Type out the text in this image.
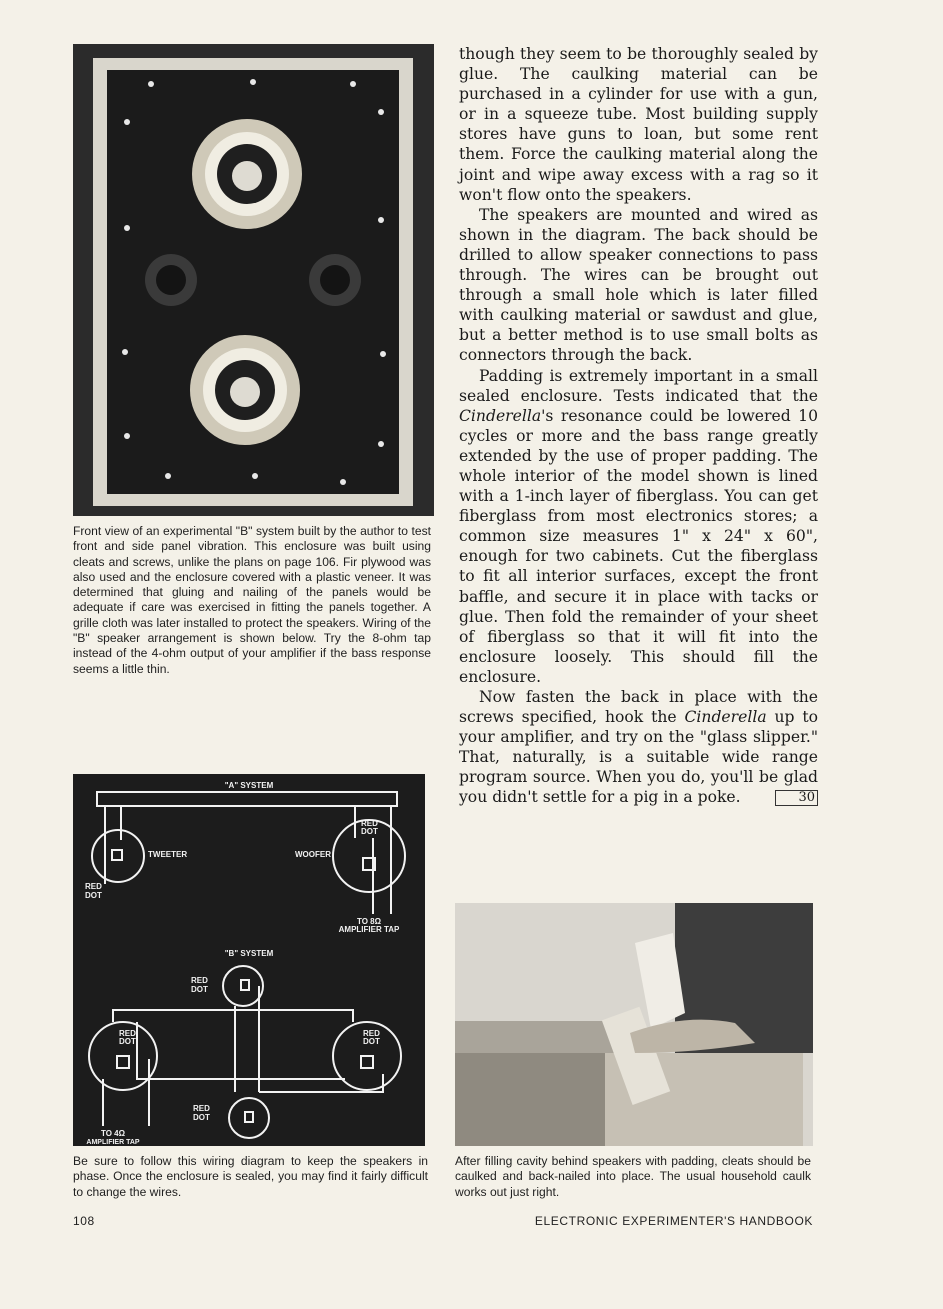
Front view of an experimental "B" system built by the author to test front and side panel vibration. This enclosure was built using cleats and screws, unlike the plans on page 106. Fir plywood was also used and the enclosure covered with a plastic veneer. It was determined that gluing and nailing of the panels would be adequate if care was exercised in fitting the panels together. A grille cloth was later installed to protect the speakers. Wiring of the "B" speaker arrangement is shown below. Try the 8-ohm tap instead of the 4-ohm output of your amplifier if the bass response seems a little thin.

"A" SYSTEM
TWEETER	WOOFER
RED
DOT
RED
DOT
TO 8Ω
AMPLIFIER TAP
"B" SYSTEM
RED
DOT
RED
DOT
RED
DOT
RED
DOT
TO 4Ω
AMPLIFIER TAP

Be sure to follow this wiring diagram to keep the speakers in phase. Once the enclosure is sealed, you may find it fairly difficult to change the wires.

though they seem to be thoroughly sealed by glue. The caulking material can be purchased in a cylinder for use with a gun, or in a squeeze tube. Most building supply stores have guns to loan, but some rent them. Force the caulking material along the joint and wipe away excess with a rag so it won't flow onto the speakers.

The speakers are mounted and wired as shown in the diagram. The back should be drilled to allow speaker connections to pass through. The wires can be brought out through a small hole which is later filled with caulking material or sawdust and glue, but a better method is to use small bolts as connectors through the back.

Padding is extremely important in a small sealed enclosure. Tests indicated that the Cinderella's resonance could be lowered 10 cycles or more and the bass range greatly extended by the use of proper padding. The whole interior of the model shown is lined with a 1-inch layer of fiberglass. You can get fiberglass from most electronics stores; a common size measures 1" x 24" x 60", enough for two cabinets. Cut the fiberglass to fit all interior surfaces, except the front baffle, and secure it in place with tacks or glue. Then fold the remainder of your sheet of fiberglass so that it will fit into the enclosure loosely. This should fill the enclosure.

Now fasten the back in place with the screws specified, hook the Cinderella up to your amplifier, and try on the "glass slipper." That, naturally, is a suitable wide range program source. When you do, you'll be glad you didn't settle for a pig in a poke.	30

After filling cavity behind speakers with padding, cleats should be caulked and back-nailed into place. The usual household caulk works out just right.

108	ELECTRONIC EXPERIMENTER'S HANDBOOK
